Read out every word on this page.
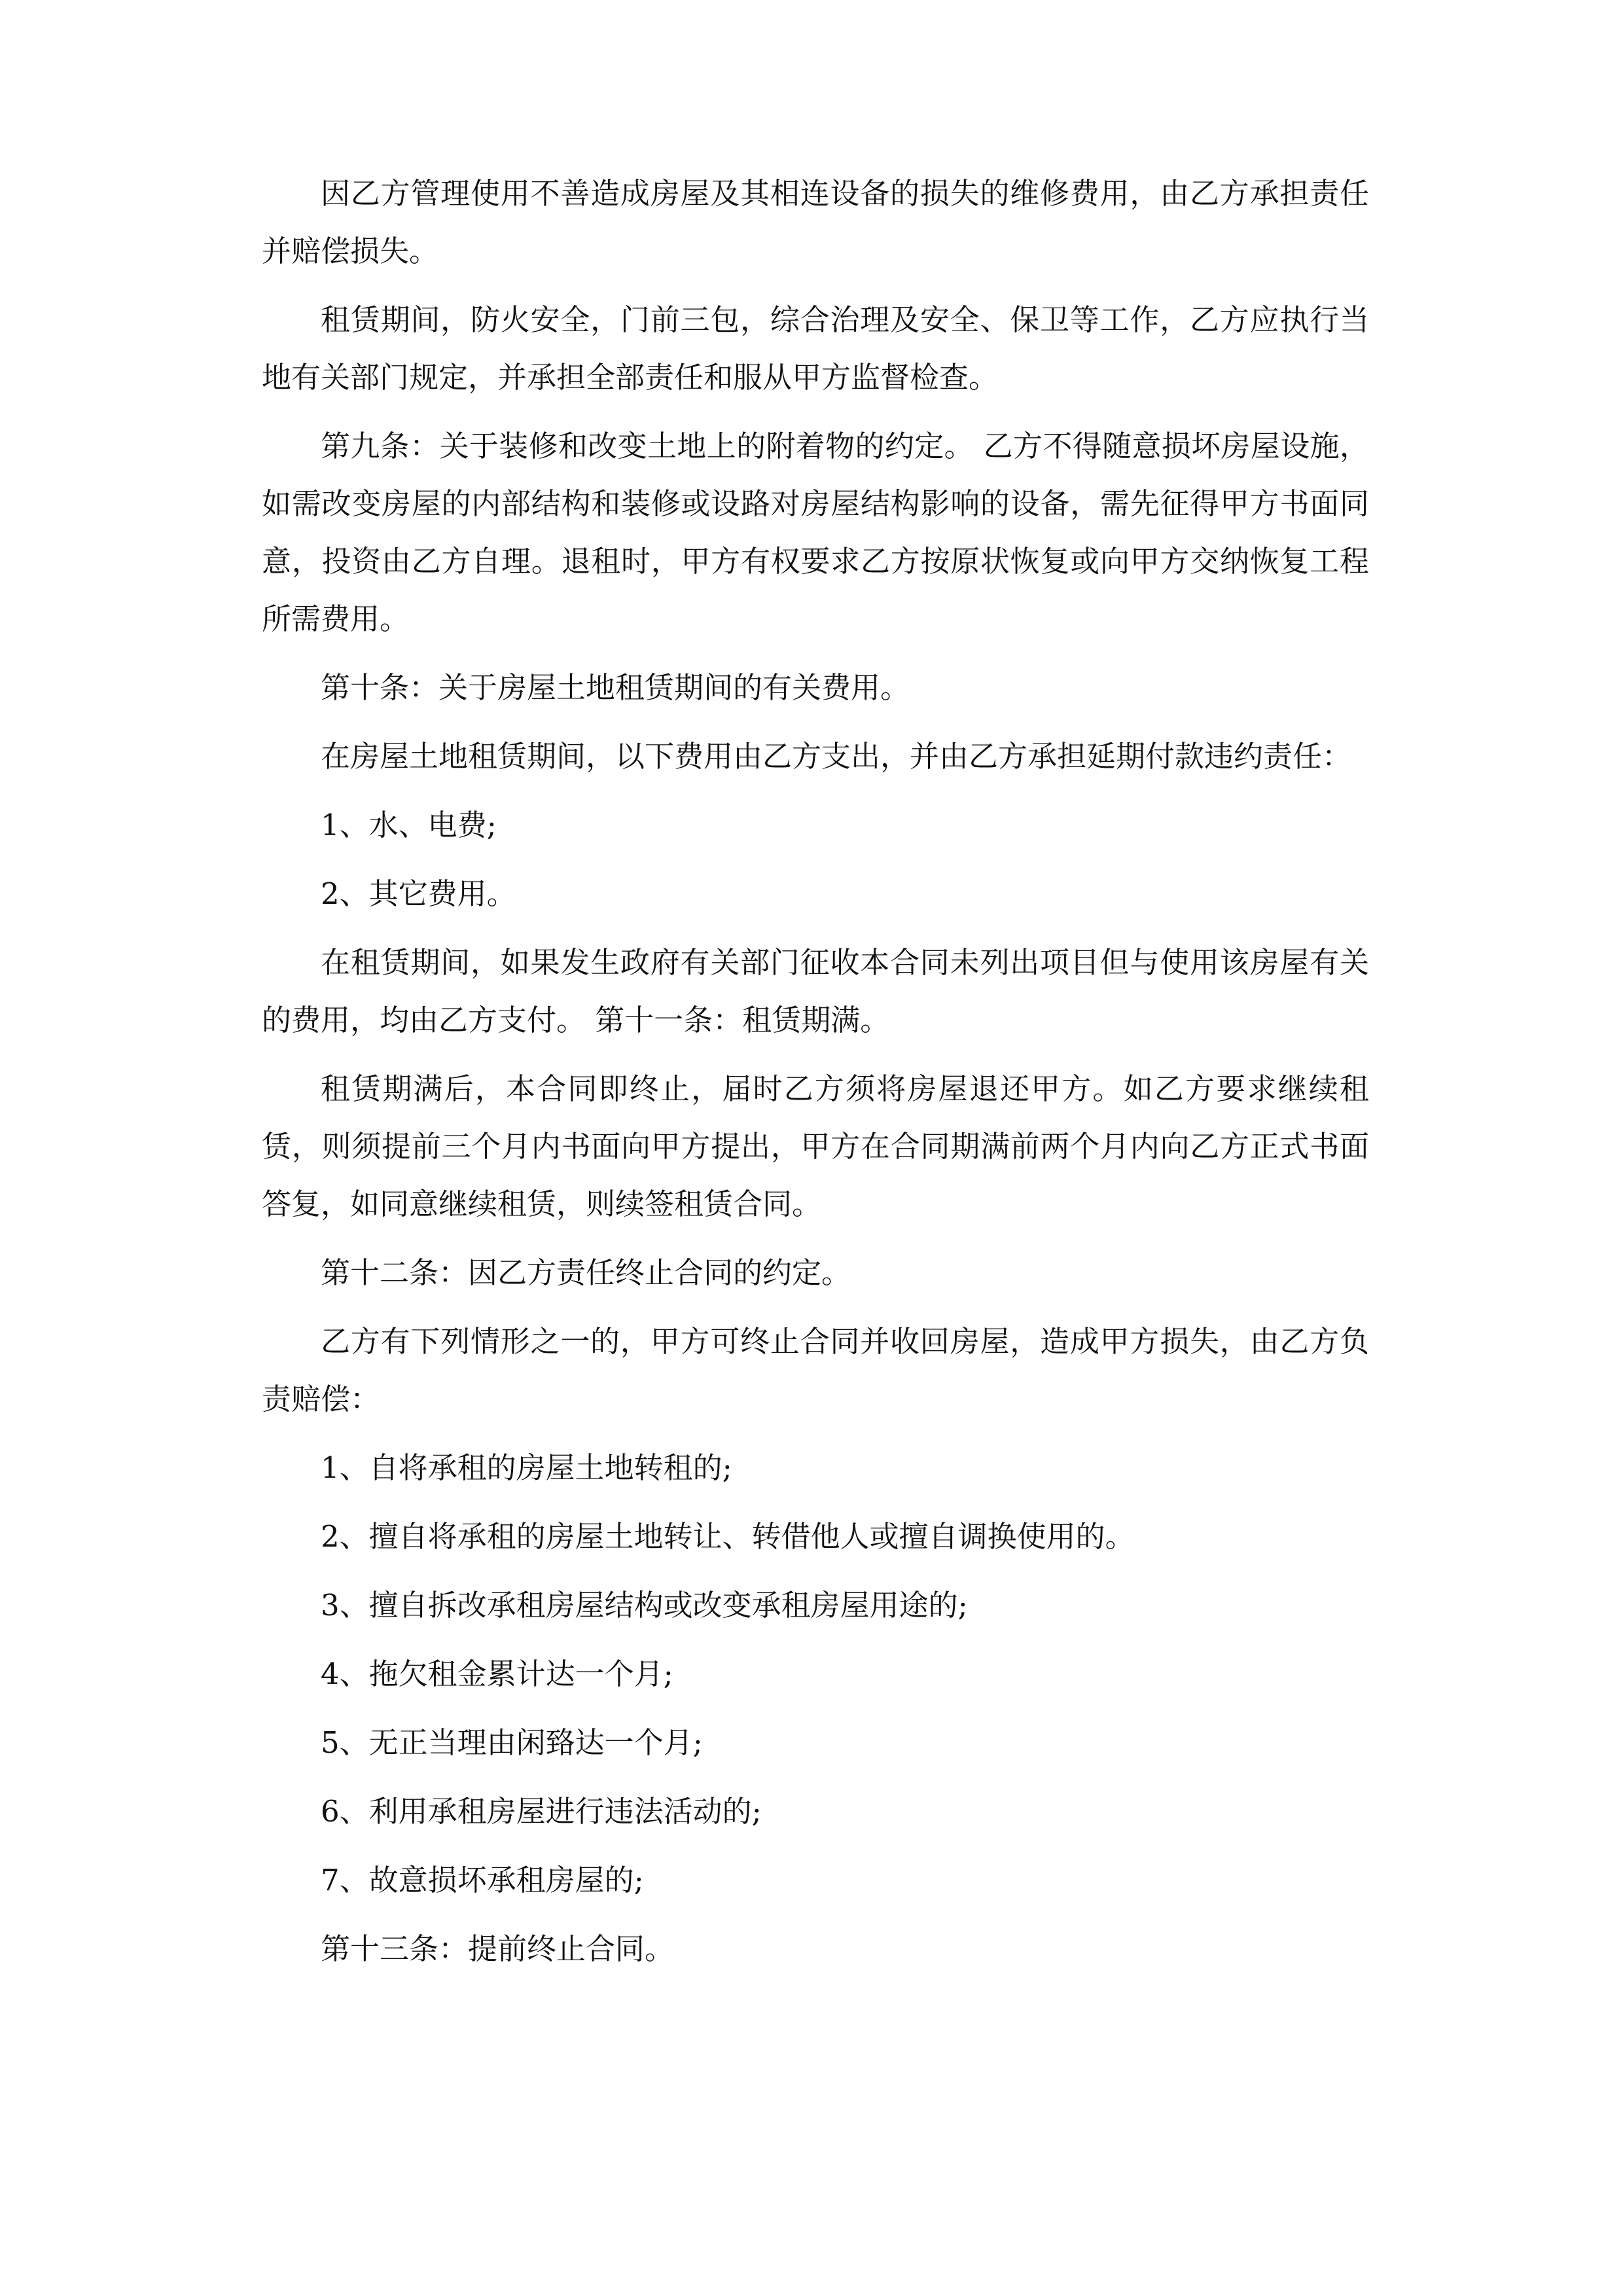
因乙方管理使用不善造成房屋及其相连设备的损失的维修费用，由乙方承担责任并赔偿损失。

租赁期间，防火安全，门前三包，综合治理及安全、保卫等工作，乙方应执行当地有关部门规定，并承担全部责任和服从甲方监督检查。

第九条：关于装修和改变土地上的附着物的约定。 乙方不得随意损坏房屋设施，如需改变房屋的内部结构和装修或设路对房屋结构影响的设备，需先征得甲方书面同意，投资由乙方自理。退租时，甲方有权要求乙方按原状恢复或向甲方交纳恢复工程所需费用。

第十条：关于房屋土地租赁期间的有关费用。

在房屋土地租赁期间，以下费用由乙方支出，并由乙方承担延期付款违约责任：

1、水、电费;

2、其它费用。

在租赁期间，如果发生政府有关部门征收本合同未列出项目但与使用该房屋有关的费用，均由乙方支付。 第十一条：租赁期满。

租赁期满后，本合同即终止，届时乙方须将房屋退还甲方。如乙方要求继续租赁，则须提前三个月内书面向甲方提出，甲方在合同期满前两个月内向乙方正式书面答复，如同意继续租赁，则续签租赁合同。

第十二条：因乙方责任终止合同的约定。

乙方有下列情形之一的，甲方可终止合同并收回房屋，造成甲方损失，由乙方负责赔偿：

1、自将承租的房屋土地转租的;

2、擅自将承租的房屋土地转让、转借他人或擅自调换使用的。

3、擅自拆改承租房屋结构或改变承租房屋用途的;

4、拖欠租金累计达一个月;

5、无正当理由闲臵达一个月;

6、利用承租房屋进行违法活动的;

7、故意损坏承租房屋的;

第十三条：提前终止合同。
